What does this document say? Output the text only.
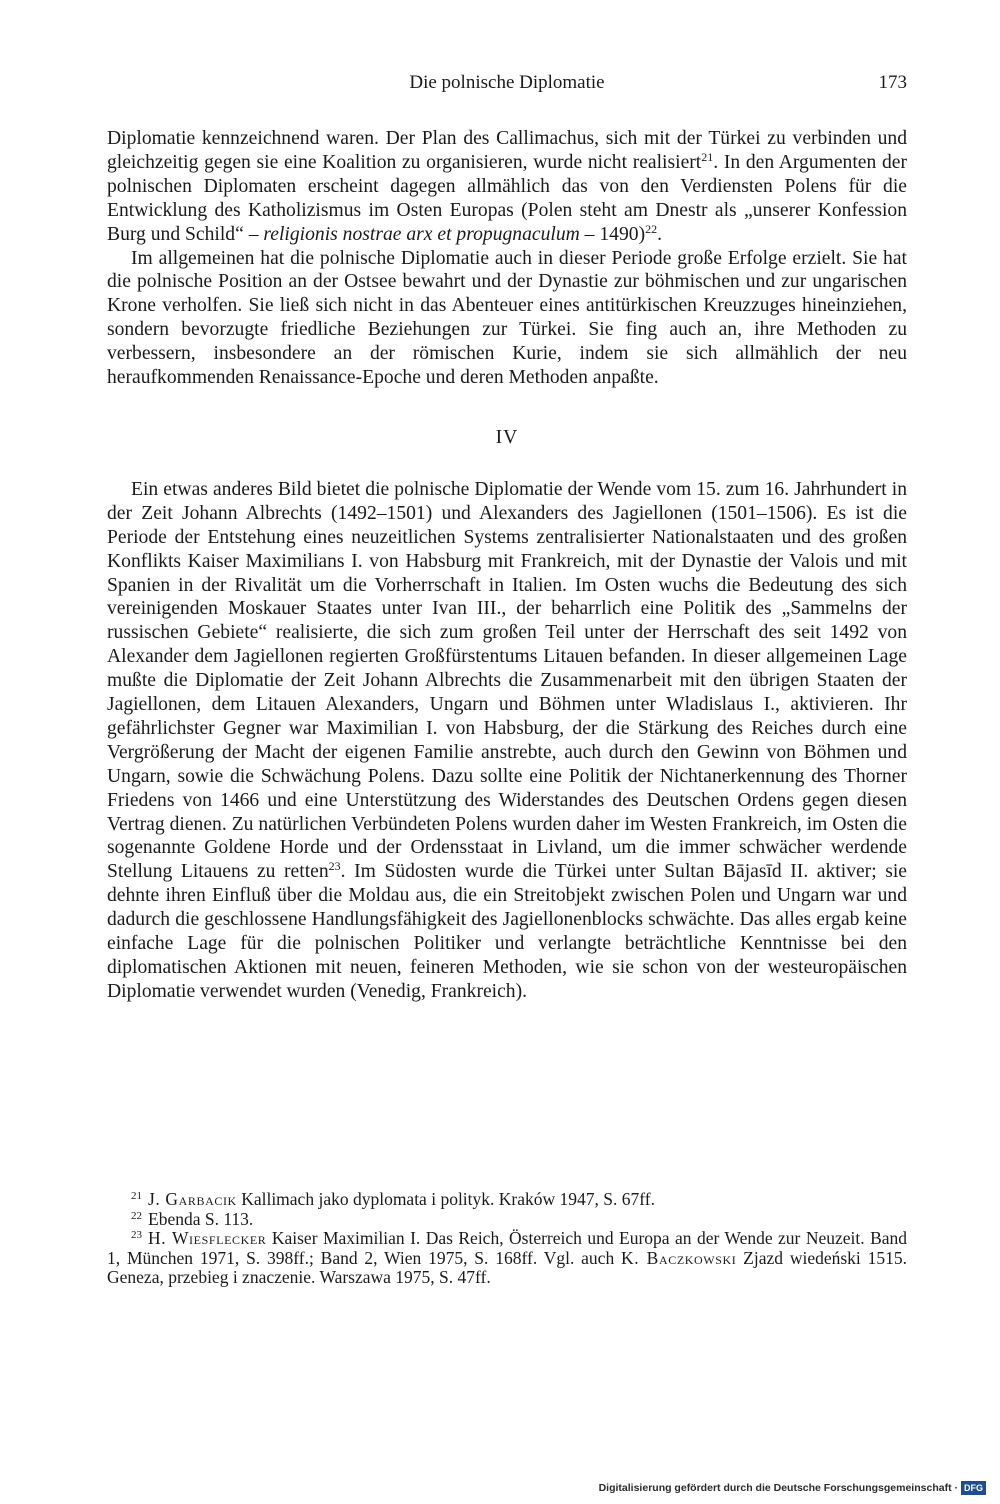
Die polnische Diplomatie	173

Diplomatie kennzeichnend waren. Der Plan des Callimachus, sich mit der Türkei zu verbinden und gleichzeitig gegen sie eine Koalition zu organisieren, wurde nicht realisiert$^{21}$. In den Argumenten der polnischen Diplomaten erscheint dagegen allmählich das von den Verdiensten Polens für die Entwicklung des Katholizismus im Osten Europas (Polen steht am Dnestr als „unserer Konfession Burg und Schild“ – religionis nostrae arx et propugnaculum – 1490)$^{22}$.

Im allgemeinen hat die polnische Diplomatie auch in dieser Periode große Erfolge erzielt. Sie hat die polnische Position an der Ostsee bewahrt und der Dynastie zur böhmischen und zur ungarischen Krone verholfen. Sie ließ sich nicht in das Abenteuer eines antitürkischen Kreuzzuges hineinziehen, sondern bevorzugte friedliche Beziehungen zur Türkei. Sie fing auch an, ihre Methoden zu verbessern, insbesondere an der römischen Kurie, indem sie sich allmählich der neu heraufkommenden Renaissance-Epoche und deren Methoden anpaßte.

IV

Ein etwas anderes Bild bietet die polnische Diplomatie der Wende vom 15. zum 16. Jahrhundert in der Zeit Johann Albrechts (1492–1501) und Alexanders des Jagiellonen (1501–1506). Es ist die Periode der Entstehung eines neuzeitlichen Systems zentralisierter Nationalstaaten und des großen Konflikts Kaiser Maximilians I. von Habsburg mit Frankreich, mit der Dynastie der Valois und mit Spanien in der Rivalität um die Vorherrschaft in Italien. Im Osten wuchs die Bedeutung des sich vereinigenden Moskauer Staates unter Ivan III., der beharrlich eine Politik des „Sammelns der russischen Gebiete“ realisierte, die sich zum großen Teil unter der Herrschaft des seit 1492 von Alexander dem Jagiellonen regierten Großfürstentums Litauen befanden. In dieser allgemeinen Lage mußte die Diplomatie der Zeit Johann Albrechts die Zusammenarbeit mit den übrigen Staaten der Jagiellonen, dem Litauen Alexanders, Ungarn und Böhmen unter Wladislaus I., aktivieren. Ihr gefährlichster Gegner war Maximilian I. von Habsburg, der die Stärkung des Reiches durch eine Vergrößerung der Macht der eigenen Familie anstrebte, auch durch den Gewinn von Böhmen und Ungarn, sowie die Schwächung Polens. Dazu sollte eine Politik der Nichtanerkennung des Thorner Friedens von 1466 und eine Unterstützung des Widerstandes des Deutschen Ordens gegen diesen Vertrag dienen. Zu natürlichen Verbündeten Polens wurden daher im Westen Frankreich, im Osten die sogenannte Goldene Horde und der Ordensstaat in Livland, um die immer schwächer werdende Stellung Litauens zu retten$^{23}$. Im Südosten wurde die Türkei unter Sultan Bājasīd II. aktiver; sie dehnte ihren Einfluß über die Moldau aus, die ein Streitobjekt zwischen Polen und Ungarn war und dadurch die geschlossene Handlungsfähigkeit des Jagiellonenblocks schwächte. Das alles ergab keine einfache Lage für die polnischen Politiker und verlangte beträchtliche Kenntnisse bei den diplomatischen Aktionen mit neuen, feineren Methoden, wie sie schon von der westeuropäischen Diplomatie verwendet wurden (Venedig, Frankreich).

$^{21}$ J. Garbacik Kallimach jako dyplomata i polityk. Kraków 1947, S. 67ff.

$^{22}$ Ebenda S. 113.

$^{23}$ H. Wiesflecker Kaiser Maximilian I. Das Reich, Österreich und Europa an der Wende zur Neuzeit. Band 1, München 1971, S. 398ff.; Band 2, Wien 1975, S. 168ff. Vgl. auch K. Baczkowski Zjazd wiedeński 1515. Geneza, przebieg i znaczenie. Warszawa 1975, S. 47ff.

Digitalisierung gefördert durch die Deutsche Forschungsgemeinschaft · DFG
